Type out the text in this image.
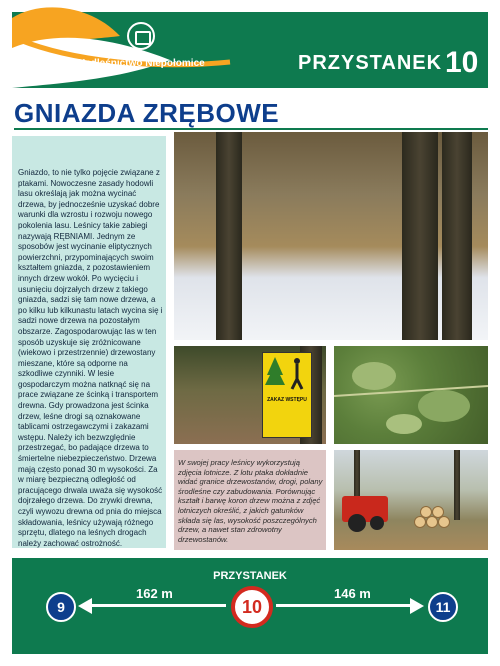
Nadleśnictwo Niepołomice	PRZYSTANEK 10
GNIAZDA ZRĘBOWE

Gniazdo, to nie tylko pojęcie związane z ptakami. Nowoczesne zasady hodowli lasu określają jak można wycinać drzewa, by jednocześnie uzyskać dobre warunki dla wzrostu i rozwoju nowego pokolenia lasu. Leśnicy takie zabiegi nazywają RĘBNIAMI. Jednym ze sposobów jest wycinanie eliptycznych powierzchni, przypominających swoim kształtem gniazda, z pozostawieniem innych drzew wokół. Po wycięciu i usunięciu dojrzałych drzew z takiego gniazda, sadzi się tam nowe drzewa, a po kilku lub kilkunastu latach wycina się i sadzi nowe drzewa na pozostałym obszarze. Zagospodarowując las w ten sposób uzyskuje się zróżnicowane (wiekowo i przestrzennie) drzewostany mieszane, które są odporne na szkodliwe czynniki. W lesie gospodarczym można natknąć się na prace związane ze ścinką i transportem drewna. Gdy prowadzona jest ścinka drzew, leśne drogi są oznakowane tablicami ostrzegawczymi i zakazami wstępu. Należy ich bezwzględnie przestrzegać, bo padające drzewa to śmiertelne niebezpieczeństwo. Drzewa mają często ponad 30 m wysokości. Za w miarę bezpieczną odległość od pracującego drwala uważa się wysokość dojrzałego drzewa. Do zrywki drewna, czyli wywozu drewna od pnia do miejsca składowania, leśnicy używają różnego sprzętu, dlatego na leśnych drogach należy zachować ostrożność.

ZAKAZ WSTĘPU

W swojej pracy leśnicy wykorzystują zdjęcia lotnicze. Z lotu ptaka dokładnie widać granice drzewostanów, drogi, polany środleśne czy zabudowania. Porównując kształt i barwę koron drzew można z zdjęć lotniczych określić, z jakich gatunków składa się las, wysokość poszczególnych drzew, a nawet stan zdrowotny drzewostanów.

PRZYSTANEK
9
162 m
10
146 m
11
